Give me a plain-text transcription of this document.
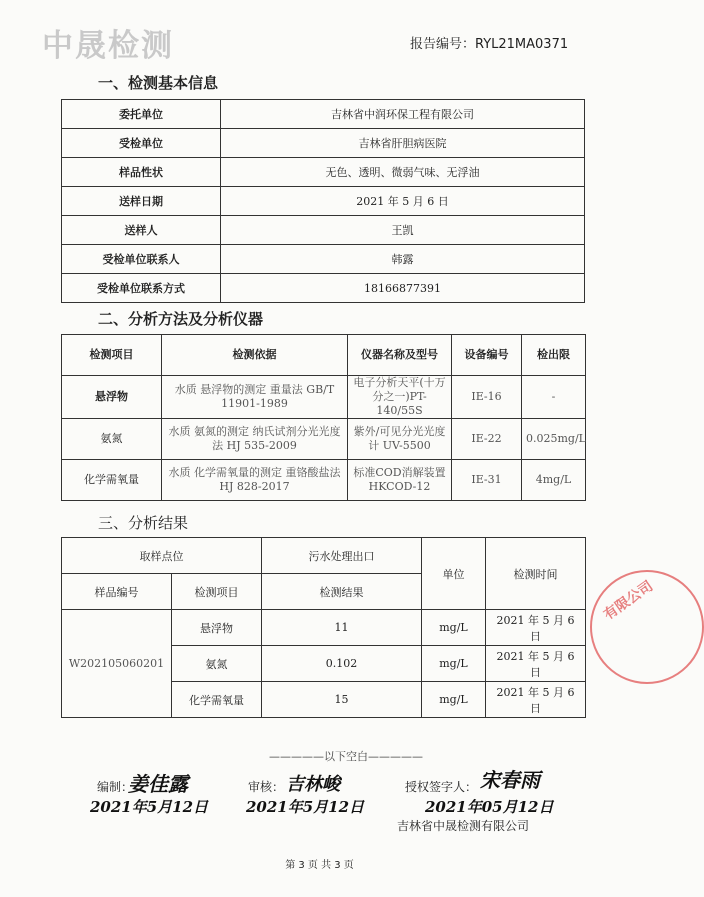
中晟检测	报告编号：RYL21MA0371
一、检测基本信息
委托单位	吉林省中润环保工程有限公司
受检单位	吉林省肝胆病医院
样品性状	无色、透明、微弱气味、无浮油
送样日期	2021 年 5 月 6 日
送样人	王凯
受检单位联系人	韩露
受检单位联系方式	18166877391
二、分析方法及分析仪器
检测项目	检测依据	仪器名称及型号	设备编号	检出限
悬浮物	水质 悬浮物的测定 重量法 GB/T 11901-1989	电子分析天平(十万分之一)PT-140/55S	IE-16	-
氨氮	水质 氨氮的测定 纳氏试剂分光光度法 HJ 535-2009	紫外/可见分光光度计 UV-5500	IE-22	0.025mg/L
化学需氧量	水质 化学需氧量的测定 重铬酸盐法 HJ 828-2017	标准COD消解装置 HKCOD-12	IE-31	4mg/L
三、分析结果
取样点位		污水处理出口	单位	检测时间
样品编号	检测项目	检测结果		
W202105060201	悬浮物	11	mg/L	2021 年 5 月 6 日
	氨氮	0.102	mg/L	2021 年 5 月 6 日
	化学需氧量	15	mg/L	2021 年 5 月 6 日
—————以下空白—————
编制：
姜佳露
2021年5月12日
审核： 吉林峻
2021年5月12日
授权签字人： 宋春雨
2021年05月12日
吉林省中晟检测有限公司
第 3 页 共 3 页
有限公司
